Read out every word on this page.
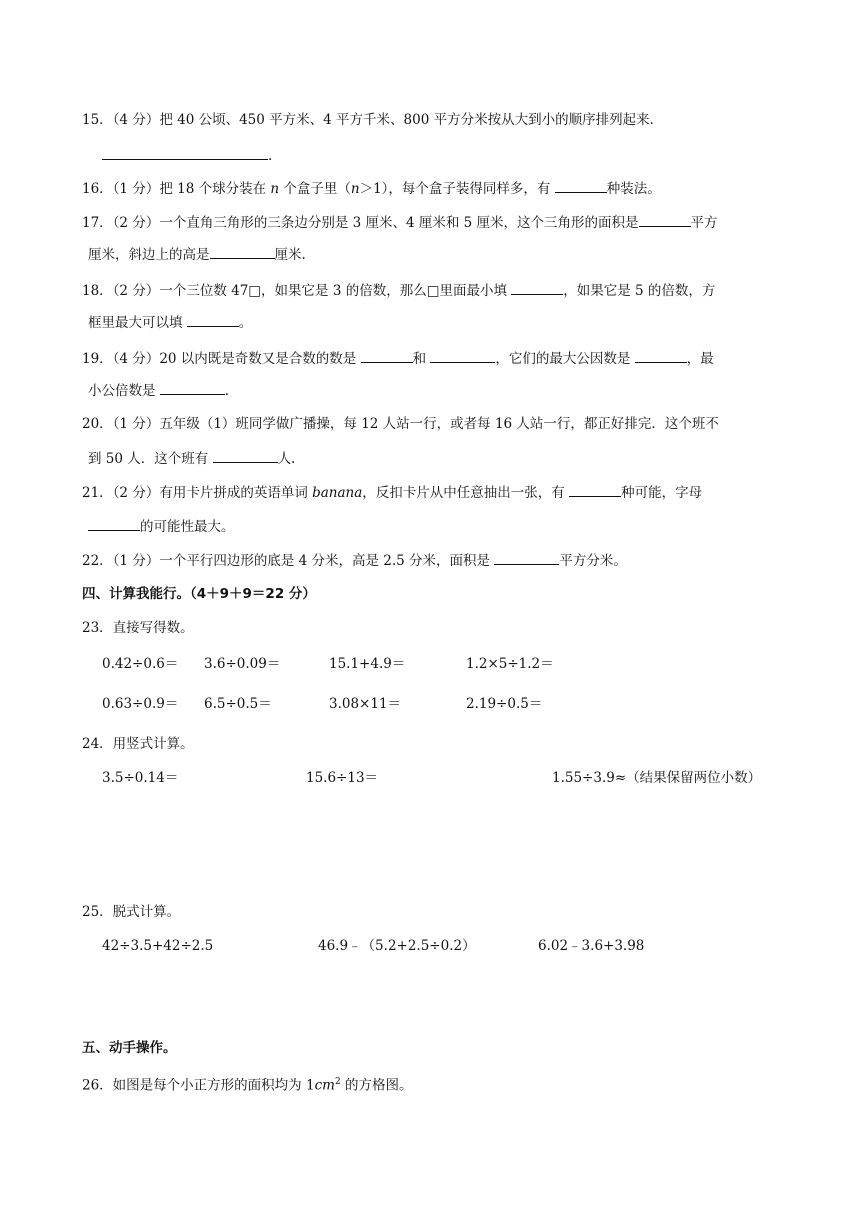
15．（4 分）把 40 公顷、450 平方米、4 平方千米、800 平方分米按从大到小的顺序排列起来．
.
16．（1 分）把 18 个球分装在 n 个盒子里（n＞1），每个盒子装得同样多，有	种装法。
17．（2 分）一个直角三角形的三条边分别是 3 厘米、4 厘米和 5 厘米，这个三角形的面积是	平方
厘米，斜边上的高是	厘米.
18．（2 分）一个三位数 47□，如果它是 3 的倍数，那么□里面最小填	，如果它是 5 的倍数，方
框里最大可以填	。
19．（4 分）20 以内既是奇数又是合数的数是	和	，它们的最大公因数是	，最
小公倍数是	.
20．（1 分）五年级（1）班同学做广播操，每 12 人站一行，或者每 16 人站一行，都正好排完．这个班不
到 50 人．这个班有	人.
21．（2 分）有用卡片拼成的英语单词 banana，反扣卡片从中任意抽出一张，有	种可能，字母
的可能性最大。
22．（1 分）一个平行四边形的底是 4 分米，高是 2.5 分米，面积是	平方分米。
四、计算我能行。（4＋9＋9＝22 分）
23．直接写得数。
0.42÷0.6＝ 3.6÷0.09＝	15.1+4.9＝	1.2×5÷1.2＝
0.63÷0.9＝ 6.5÷0.5＝	3.08×11＝	2.19÷0.5＝
24．用竖式计算。
3.5÷0.14＝	15.6÷13＝	1.55÷3.9≈（结果保留两位小数）
25．脱式计算。
42÷3.5+42÷2.5	46.9﹣（5.2+2.5÷0.2）	6.02﹣3.6+3.98
五、动手操作。
26．如图是每个小正方形的面积均为 $1cm^2$ 的方格图。
